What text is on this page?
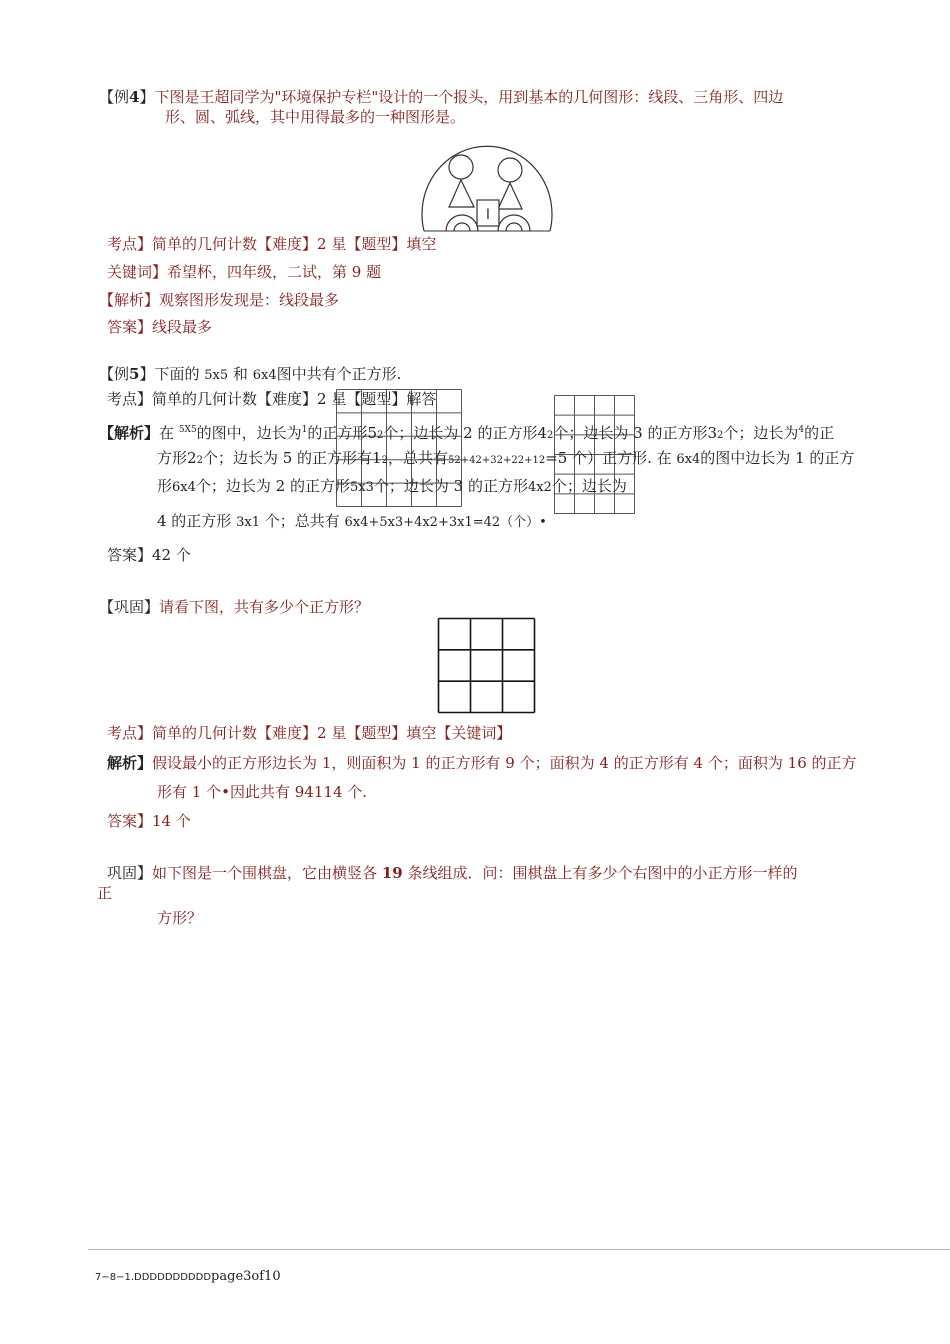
【例4】下图是王超同学为"环境保护专栏"设计的一个报头，用到基本的几何图形：线段、三角形、四边
形、圆、弧线，其中用得最多的一种图形是。
I
考点】简单的几何计数【难度】2 星【题型】填空
关键词】希望杯，四年级，二试，第 9 题
【解析】观察图形发现是：线段最多
答案】线段最多
【例5】下面的 5x5 和 6x4图中共有个正方形.
考点】简单的几何计数【难度】2 星【题型】解答
【解析】在 $^{5X5}$的图中，边长为$^1$的正方形52个；边长为 2 的正方形42个；边长为 3 的正方形32个；边长为$^4$的正
方形22个；边长为 5 的正方形有12，总共有52+42+32+22+12=5 个）正方形. 在 6x4的图中边长为 1 的正方
形6x4个；边长为 2 的正方形5x3个；边长为 3 的正方形4x2个；边长为
4 的正方形 3x1 个；总共有 6x4+5x3+4x2+3x1=42（个）•
答案】42 个
【巩固】请看下图，共有多少个正方形？
考点】简单的几何计数【难度】2 星【题型】填空【关键词】
解析】假设最小的正方形边长为 1，则面积为 1 的正方形有 9 个；面积为 4 的正方形有 4 个；面积为 16 的正方
形有 1 个•因此共有 94114 个.
答案】14 个
巩固】如下图是一个围棋盘，它由横竖各 19 条线组成．问：围棋盘上有多少个右图中的小正方形一样的
正
方形？
7−8−1.DDDDDDDDDDpage3of10
